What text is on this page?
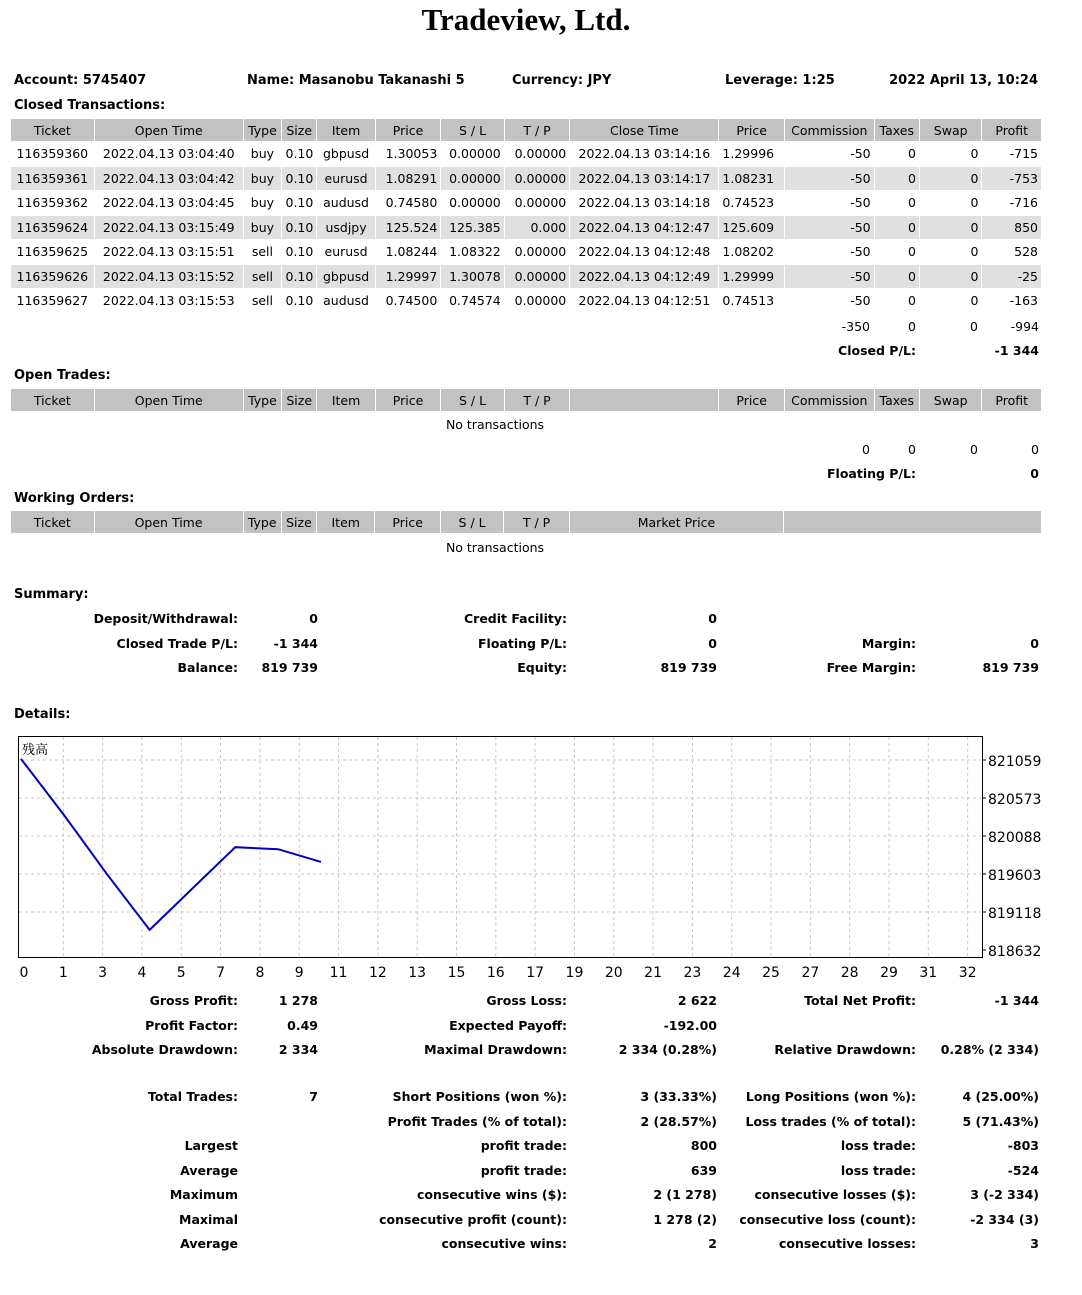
Tradeview, Ltd.
Account: 5745407	Name: Masanobu Takanashi 5	Currency: JPY	Leverage: 1:25	2022 April 13, 10:24
Closed Transactions:
Ticket	Open Time	Type	Size	Item	Price	S / L	T / P	Close Time	Price	Commission	Taxes	Swap	Profit
116359360	2022.04.13 03:04:40	buy	0.10	gbpusd	1.30053	0.00000	0.00000	2022.04.13 03:14:16	1.29996	-50	0	0	-715
116359361	2022.04.13 03:04:42	buy	0.10	eurusd	1.08291	0.00000	0.00000	2022.04.13 03:14:17	1.08231	-50	0	0	-753
116359362	2022.04.13 03:04:45	buy	0.10	audusd	0.74580	0.00000	0.00000	2022.04.13 03:14:18	0.74523	-50	0	0	-716
116359624	2022.04.13 03:15:49	buy	0.10	usdjpy	125.524	125.385	0.000	2022.04.13 04:12:47	125.609	-50	0	0	850
116359625	2022.04.13 03:15:51	sell	0.10	eurusd	1.08244	1.08322	0.00000	2022.04.13 04:12:48	1.08202	-50	0	0	528
116359626	2022.04.13 03:15:52	sell	0.10	gbpusd	1.29997	1.30078	0.00000	2022.04.13 04:12:49	1.29999	-50	0	0	-25
116359627	2022.04.13 03:15:53	sell	0.10	audusd	0.74500	0.74574	0.00000	2022.04.13 04:12:51	0.74513	-50	0	0	-163
-350	0	0	-994
Closed P/L:	-1 344
Open Trades:
Ticket	Open Time	Type	Size	Item	Price	S / L	T / P		Price	Commission	Taxes	Swap	Profit
No transactions
0	0	0	0
Floating P/L:	0
Working Orders:
Ticket	Open Time	Type	Size	Item	Price	S / L	T / P	Market Price	
No transactions
Summary:
Deposit/Withdrawal:	0	Credit Facility:	0
Closed Trade P/L:	-1 344	Floating P/L:	0	Margin:	0
Balance: 819 739	Equity:	819 739	Free Margin:	819 739
Details:
残高
821059
820573
820088
819603
819118
818632
0 1 3 4 5 7 8 9 11 12 13 15 16 17 19 20 21 23 24 25 27 28 29 31 32
Gross Profit:	1 278	Gross Loss:	2 622	Total Net Profit:	-1 344
Profit Factor:	0.49	Expected Payoff:	-192.00
Absolute Drawdown:	2 334	Maximal Drawdown:	2 334 (0.28%)	Relative Drawdown: 0.28% (2 334)
Total Trades:	7	Short Positions (won %):	3 (33.33%) Long Positions (won %):	4 (25.00%)
Profit Trades (% of total):	2 (28.57%) Loss trades (% of total):	5 (71.43%)
Largest	profit trade:	800	loss trade:	-803
Average	profit trade:	639	loss trade:	-524
Maximum	consecutive wins ($):	2 (1 278)	consecutive losses ($):	3 (-2 334)
Maximal	consecutive profit (count):	1 278 (2) consecutive loss (count):	-2 334 (3)
Average	consecutive wins:	2	consecutive losses:	3
